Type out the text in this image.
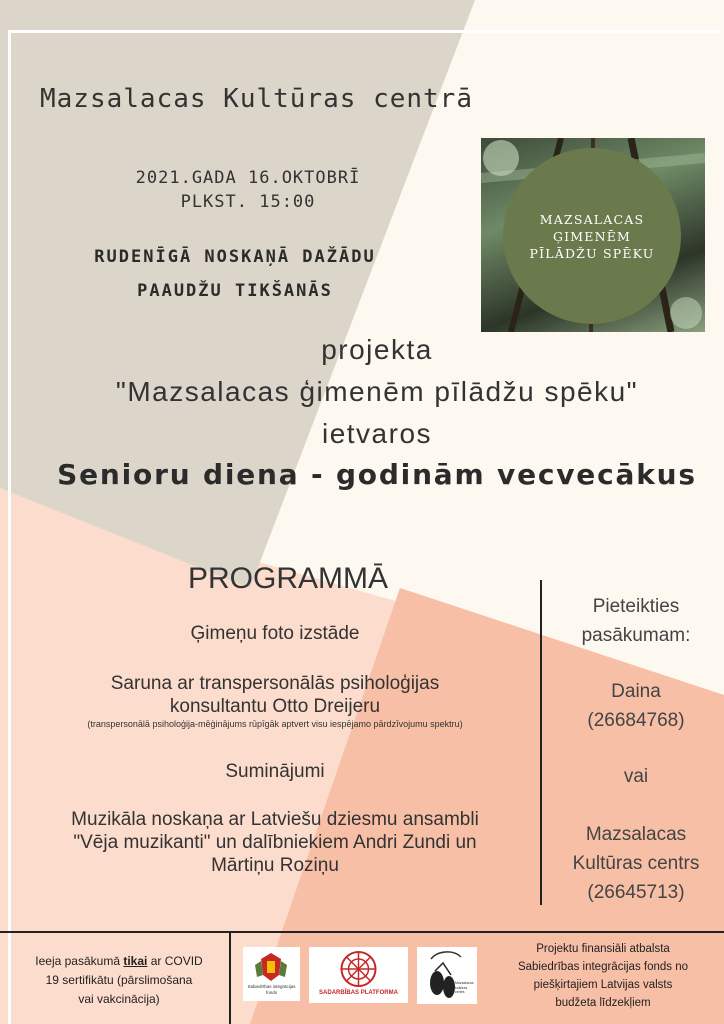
Mazsalacas Kultūras centrā
2021.GADA 16.OKTOBRĪ
PLKST. 15:00
RUDENĪGĀ NOSKAŅĀ DAŽĀDU
PAAUDŽU TIKŠANĀS
MAZSALACAS
ĢIMENĒM
PĪLĀDŽU SPĒKU
projekta
"Mazsalacas ģimenēm pīlādžu spēku"
ietvaros
Senioru diena - godinām vecvecākus
PROGRAMMĀ
Ģimeņu foto izstāde
Saruna ar transpersonālās psiholoģijas
konsultantu Otto Dreijeru
(transpersonālā psiholoģija-mēģinājums rūpīgāk aptvert visu iespējamo pārdzīvojumu spektru)
Sumināјumi
Muzikāla noskaņa ar Latviešu dziesmu ansambli
"Vēja muzikanti" un dalībniekiem Andri Zundi un
Mārtiņu Roziņu
Pieteikties
pasākumam:
Daina
(26684768)
vai
Mazsalacas
Kultūras centrs
(26645713)
Ieeja pasākumā tikai ar COVID
19 sertifikātu (pārslimošana
vai vakcinācija)
Sabiedrības integrācijas
fonds	SADARBĪBAS PLATFORMA
Mazsalacas kultūras centrs
Projektu finansiāli atbalsta
Sabiedrības integrācijas fonds no
piešķirtajiem Latvijas valsts
budžeta līdzekļiem
